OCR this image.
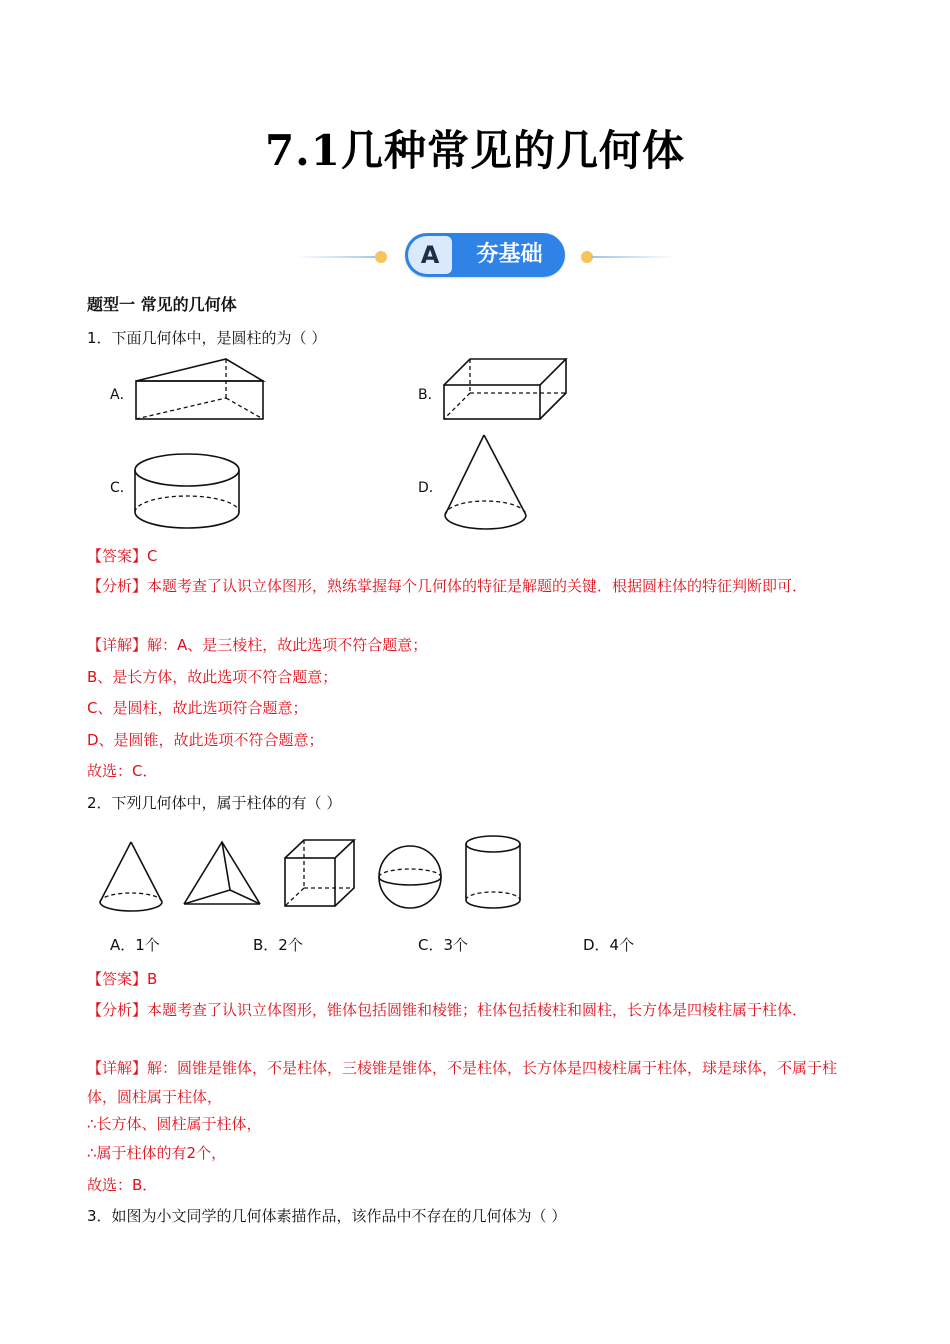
7.1几种常见的几何体
A	夯基础
题型一 常见的几何体
1．下面几何体中，是圆柱的为（ ）
A．	B．
C．	D．
【答案】C
【分析】本题考查了认识立体图形，熟练掌握每个几何体的特征是解题的关键．根据圆柱体的特征判断即可．
【详解】解：A、是三棱柱，故此选项不符合题意；
B、是长方体，故此选项不符合题意；
C、是圆柱，故此选项符合题意；
D、是圆锥，故此选项不符合题意；
故选：C．
2．下列几何体中，属于柱体的有（ ）
A．1个	B．2个	C．3个	D．4个
【答案】B
【分析】本题考查了认识立体图形，锥体包括圆锥和棱锥；柱体包括棱柱和圆柱，长方体是四棱柱属于柱体．
【详解】解：圆锥是锥体，不是柱体，三棱锥是锥体，不是柱体，长方体是四棱柱属于柱体，球是球体，不属于柱体，圆柱属于柱体，
∴长方体、圆柱属于柱体，
∴属于柱体的有2个，
故选：B．
3．如图为小文同学的几何体素描作品，该作品中不存在的几何体为（ ）
